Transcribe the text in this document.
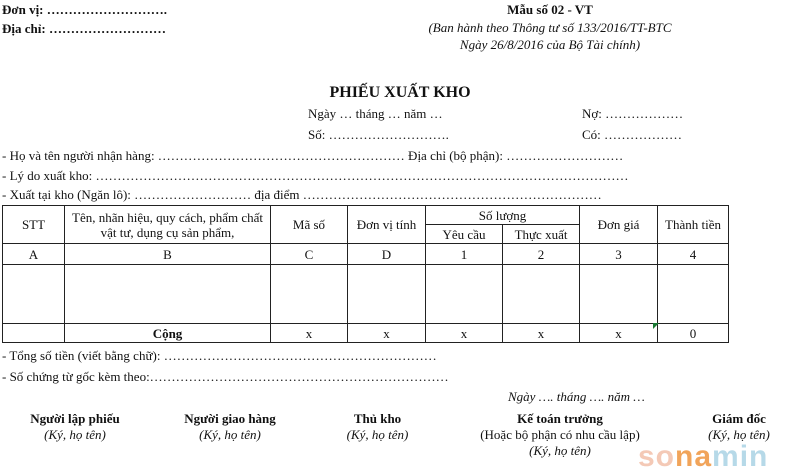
Đơn vị: ……………………….
Địa chỉ: ………………………
Mẫu số 02 - VT
(Ban hành theo Thông tư số 133/2016/TT-BTC
Ngày 26/8/2016 của Bộ Tài chính)
PHIẾU XUẤT KHO
Ngày … tháng … năm …
Số: ……………………….
Nợ: ………………
Có: ………………
- Họ và tên người nhận hàng: ………………………………………………… Địa chỉ (bộ phận): ………………………
- Lý do xuất kho: ……………………………………………………………………………………………………………
- Xuất tại kho (Ngăn lô): ……………………… địa điểm ……………………………………………………………
STT	Tên, nhãn hiệu, quy cách, phẩm chất vật tư, dụng cụ sản phẩm,	Mã số	Đơn vị tính	Số lượng		Đơn giá	Thành tiền
				Yêu cầu	Thực xuất		
A	B	C	D	1	2	3	4

	Cộng	x	x	x	x	x	0
- Tổng số tiền (viết bằng chữ): ………………………………………………………
- Số chứng từ gốc kèm theo:……………………………………………………………
Ngày …. tháng …. năm …
Người lập phiếu
(Ký, họ tên)
Người giao hàng
(Ký, họ tên)
Thủ kho
(Ký, họ tên)
Kế toán trưởng
(Hoặc bộ phận có nhu cầu lập)
(Ký, họ tên)
Giám đốc
(Ký, họ tên)
sonamin
